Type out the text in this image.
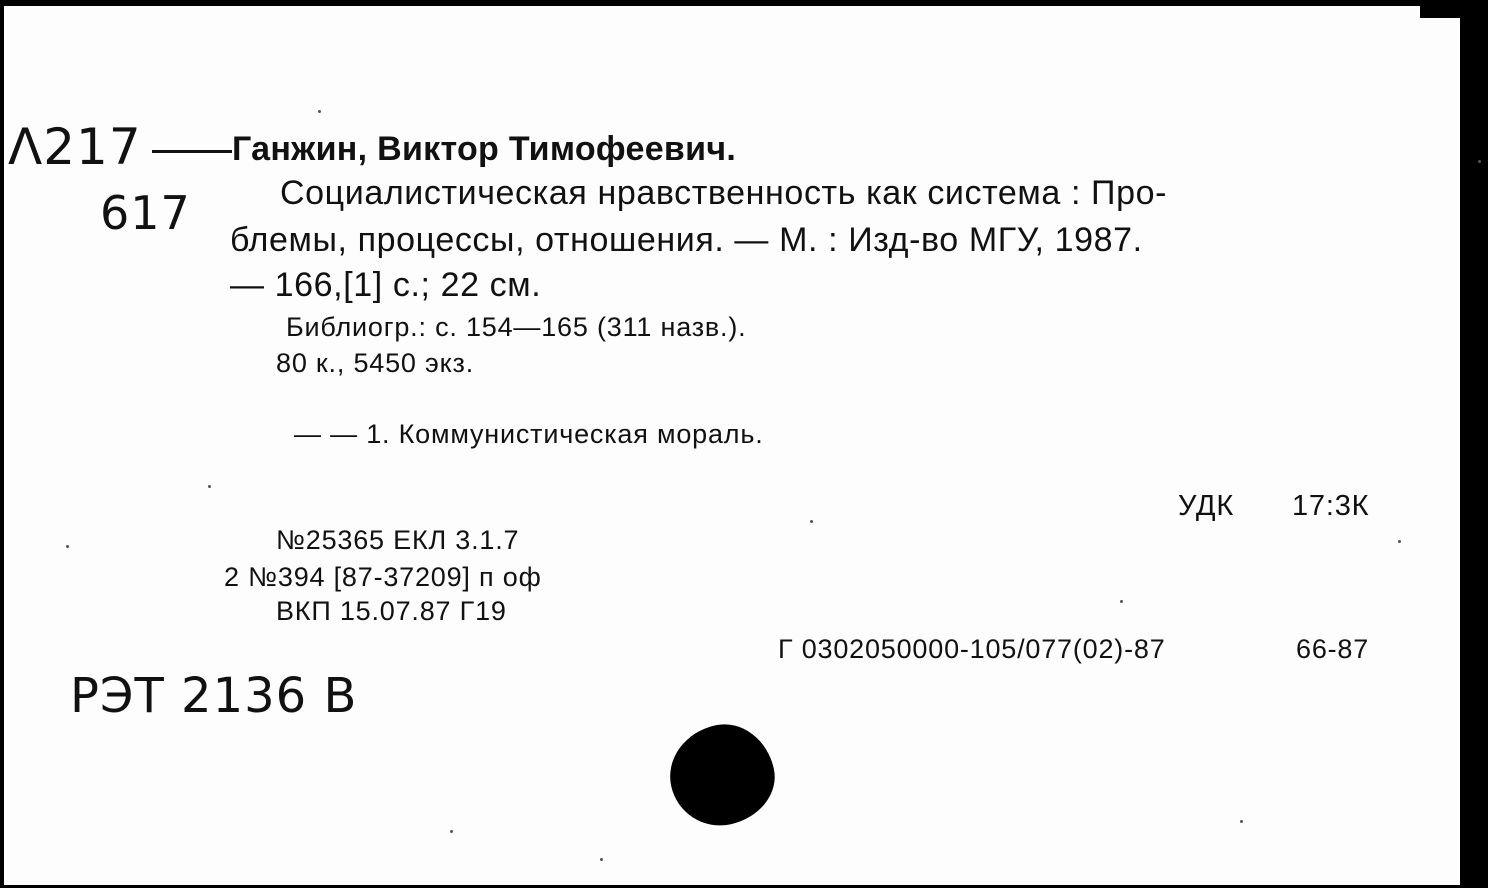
Λ217
617
Ганжин, Виктор Тимофеевич.
Социалистическая нравственность как система : Про-
блемы, процессы, отношения. — М. : Изд-во МГУ, 1987.
— 166,[1] с.; 22 см.
Библиогр.: с. 154—165 (311 назв.).
80 к., 5450 экз.
— — 1. Коммунистическая мораль.
УДК 17:3К
№25365 ЕКЛ 3.1.7
2 №394 [87-37209] п оф
ВКП 15.07.87 Г19
Г 0302050000-105/077(02)-87	66-87
РЭТ 2136 В
